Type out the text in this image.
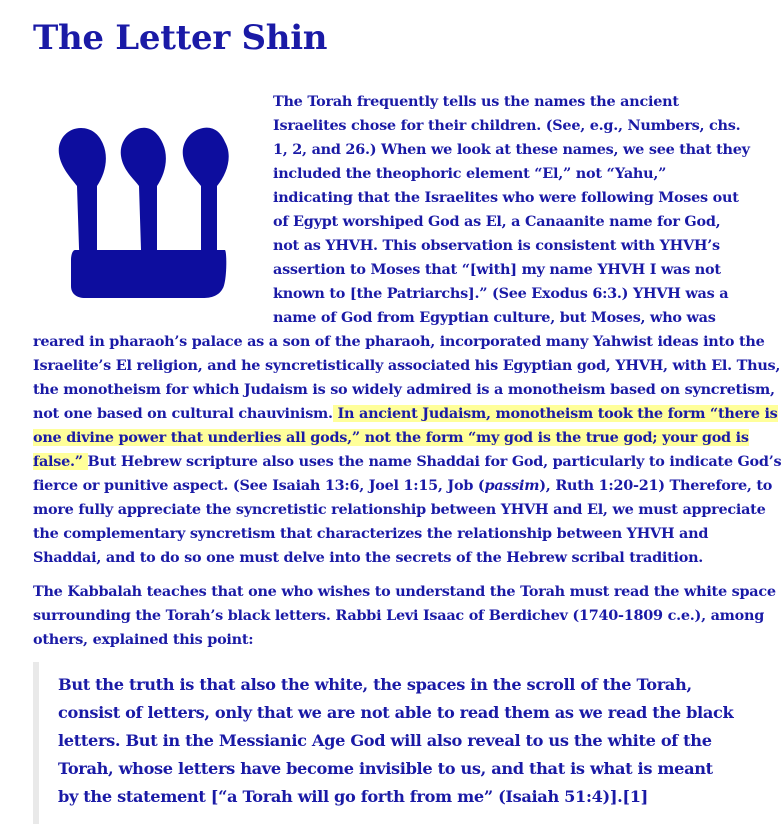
The Letter Shin
The Torah frequently tells us the names the ancient
Israelites chose for their children. (See, e.g., Numbers, chs.
1, 2, and 26.) When we look at these names, we see that they
included the theophoric element “El,” not “Yahu,”
indicating that the Israelites who were following Moses out
of Egypt worshiped God as El, a Canaanite name for God,
not as YHVH. This observation is consistent with YHVH’s
assertion to Moses that “[with] my name YHVH I was not
known to [the Patriarchs].” (See Exodus 6:3.) YHVH was a
name of God from Egyptian culture, but Moses, who was
reared in pharaoh’s palace as a son of the pharaoh, incorporated many Yahwist ideas into the
Israelite’s El religion, and he syncretistically associated his Egyptian god, YHVH, with El. Thus,
the monotheism for which Judaism is so widely admired is a monotheism based on syncretism,
not one based on cultural chauvinism. In ancient Judaism, monotheism took the form “there is
one divine power that underlies all gods,” not the form “my god is the true god; your god is
false.” But Hebrew scripture also uses the name Shaddai for God, particularly to indicate God’s
fierce or punitive aspect. (See Isaiah 13:6, Joel 1:15, Job (passim), Ruth 1:20-21) Therefore, to
more fully appreciate the syncretistic relationship between YHVH and El, we must appreciate
the complementary syncretism that characterizes the relationship between YHVH and
Shaddai, and to do so one must delve into the secrets of the Hebrew scribal tradition.
The Kabbalah teaches that one who wishes to understand the Torah must read the white space
surrounding the Torah’s black letters. Rabbi Levi Isaac of Berdichev (1740-1809 c.e.), among
others, explained this point:
But the truth is that also the white, the spaces in the scroll of the Torah,
consist of letters, only that we are not able to read them as we read the black
letters. But in the Messianic Age God will also reveal to us the white of the
Torah, whose letters have become invisible to us, and that is what is meant
by the statement [“a Torah will go forth from me” (Isaiah 51:4)].[1]
